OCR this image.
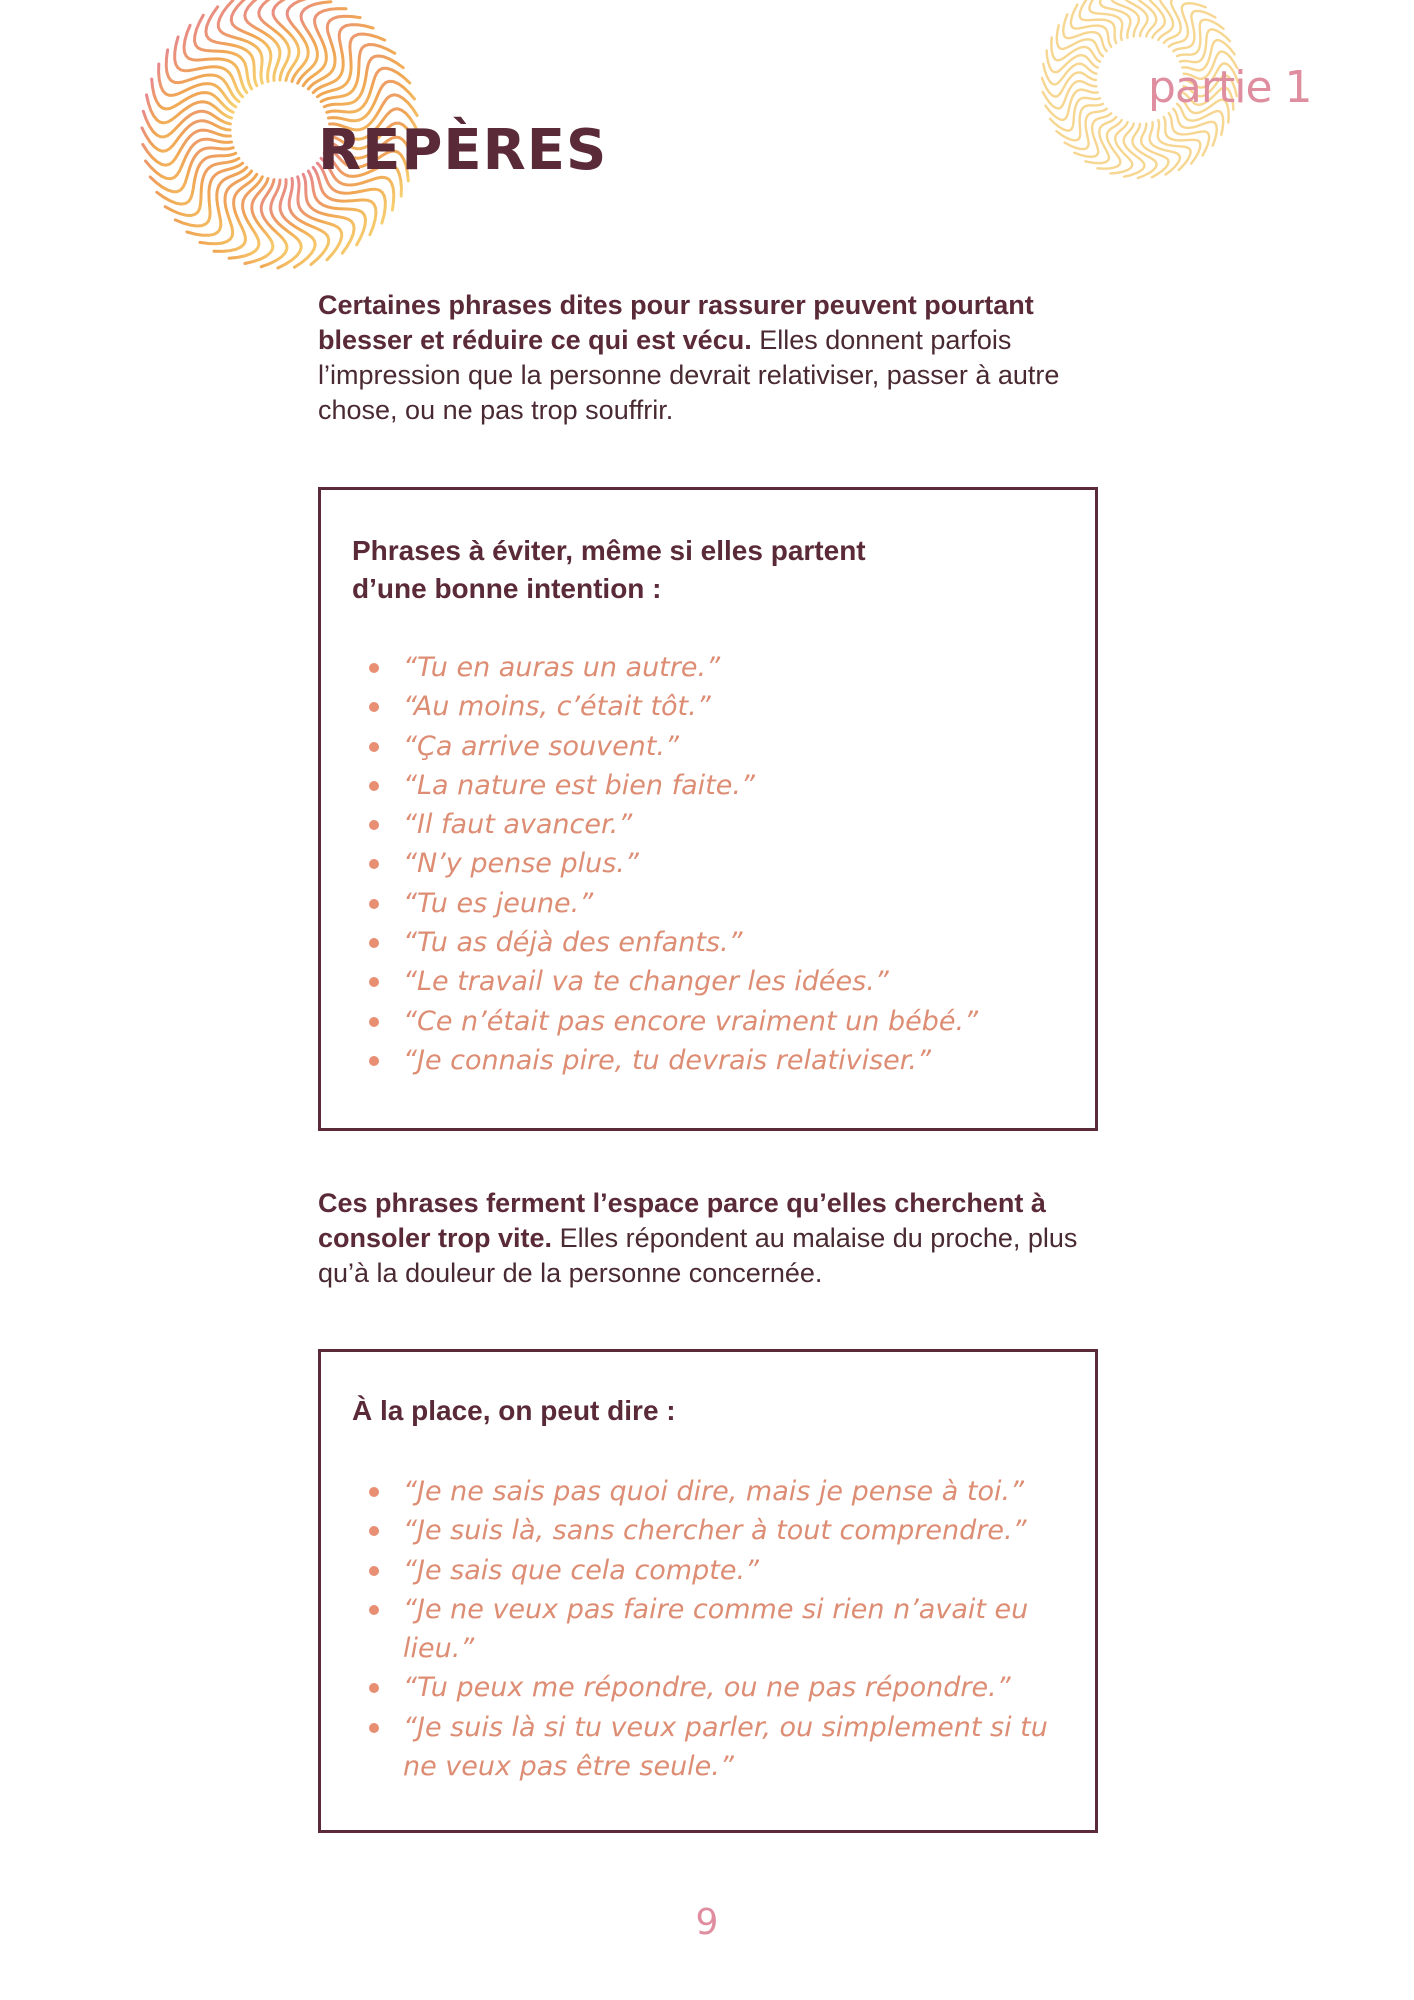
REPÈRES
partie 1

Certaines phrases dites pour rassurer peuvent pourtant blesser et réduire ce qui est vécu. Elles donnent parfois l’impression que la personne devrait relativiser, passer à autre chose, ou ne pas trop souffrir.

Phrases à éviter, même si elles partent
d’une bonne intention :

“Tu en auras un autre.”
“Au moins, c’était tôt.”
“Ça arrive souvent.”
“La nature est bien faite.”
“Il faut avancer.”
“N’y pense plus.”
“Tu es jeune.”
“Tu as déjà des enfants.”
“Le travail va te changer les idées.”
“Ce n’était pas encore vraiment un bébé.”
“Je connais pire, tu devrais relativiser.”

Ces phrases ferment l’espace parce qu’elles cherchent à consoler trop vite. Elles répondent au malaise du proche, plus qu’à la douleur de la personne concernée.

À la place, on peut dire :

“Je ne sais pas quoi dire, mais je pense à toi.”
“Je suis là, sans chercher à tout comprendre.”
“Je sais que cela compte.”
“Je ne veux pas faire comme si rien n’avait eu lieu.”
“Tu peux me répondre, ou ne pas répondre.”
“Je suis là si tu veux parler, ou simplement si tu ne veux pas être seule.”
9
